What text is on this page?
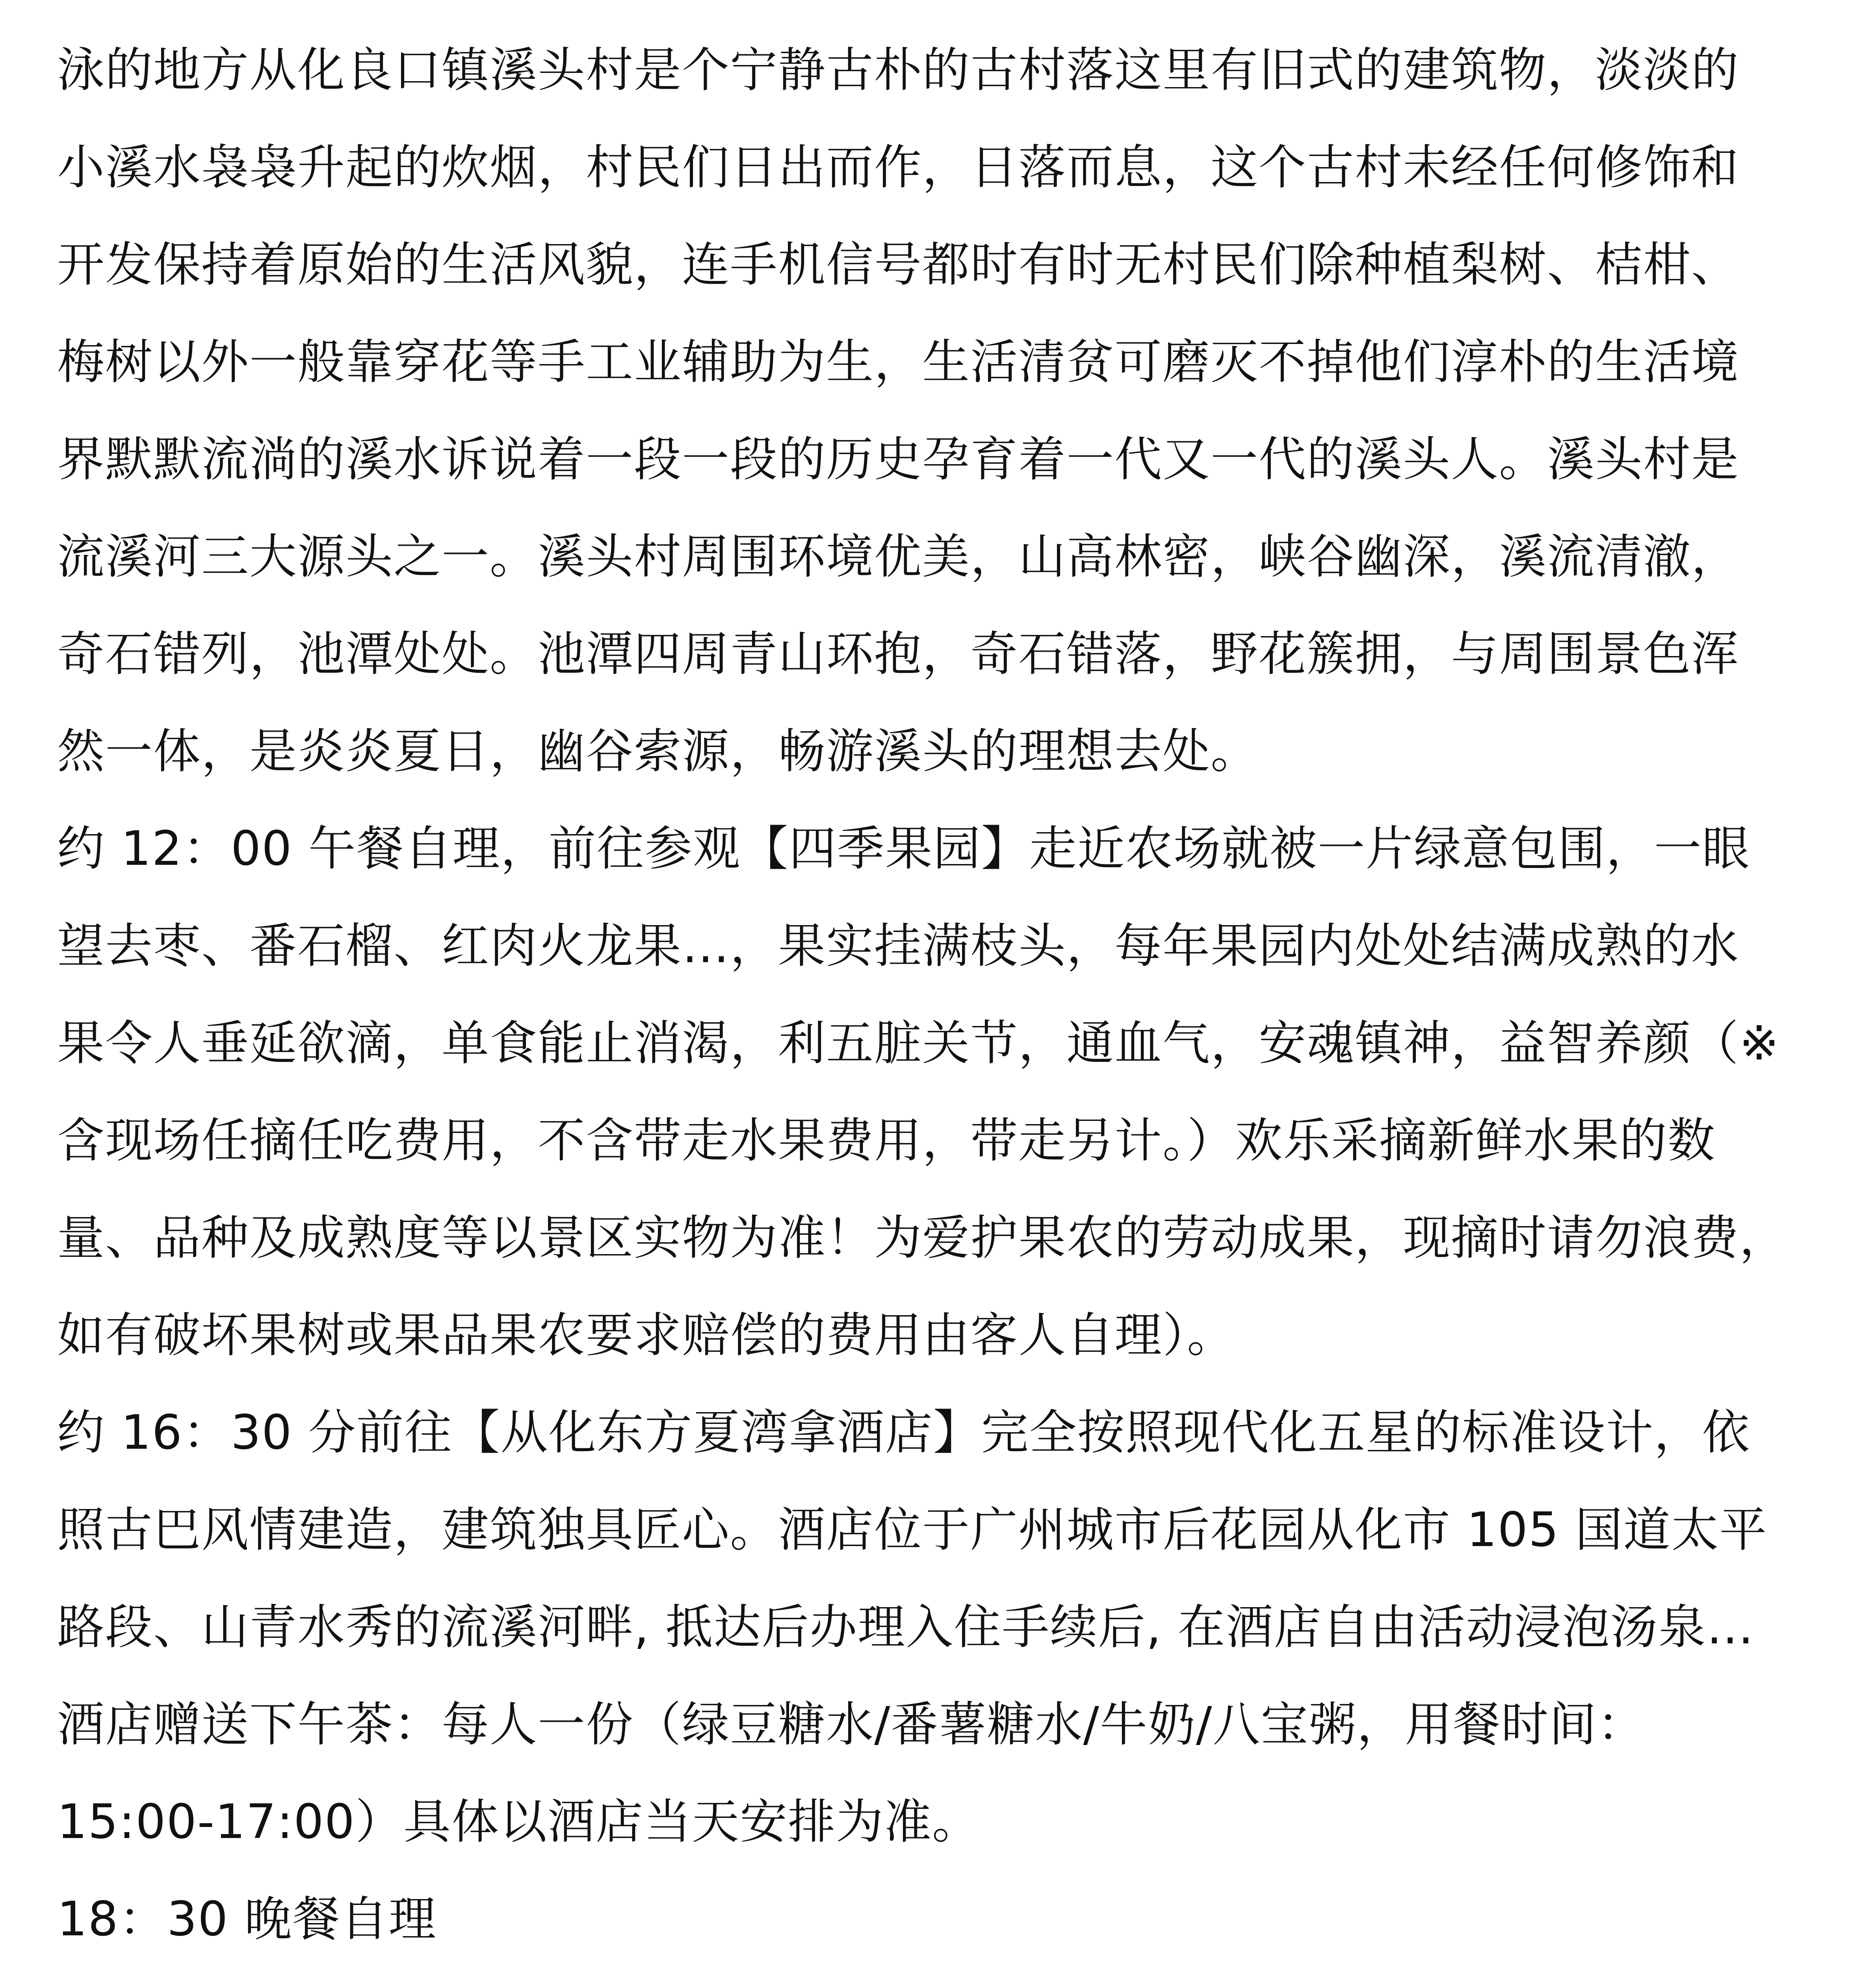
泳的地方从化良口镇溪头村是个宁静古朴的古村落这里有旧式的建筑物，淡淡的
小溪水袅袅升起的炊烟，村民们日出而作，日落而息，这个古村未经任何修饰和
开发保持着原始的生活风貌，连手机信号都时有时无村民们除种植梨树、桔柑、
梅树以外一般靠穿花等手工业辅助为生，生活清贫可磨灭不掉他们淳朴的生活境
界默默流淌的溪水诉说着一段一段的历史孕育着一代又一代的溪头人。溪头村是
流溪河三大源头之一。溪头村周围环境优美，山高林密，峡谷幽深，溪流清澈，
奇石错列，池潭处处。池潭四周青山环抱，奇石错落，野花簇拥，与周围景色浑
然一体，是炎炎夏日，幽谷索源，畅游溪头的理想去处。

约 12：00 午餐自理，前往参观【四季果园】走近农场就被一片绿意包围，一眼
望去枣、番石榴、红肉火龙果…，果实挂满枝头，每年果园内处处结满成熟的水
果令人垂延欲滴，单食能止消渴，利五脏关节，通血气，安魂镇神，益智养颜（※
含现场任摘任吃费用，不含带走水果费用，带走另计。）欢乐采摘新鲜水果的数
量、品种及成熟度等以景区实物为准！为爱护果农的劳动成果，现摘时请勿浪费，
如有破坏果树或果品果农要求赔偿的费用由客人自理）。

约 16：30 分前往【从化东方夏湾拿酒店】完全按照现代化五星的标准设计，依
照古巴风情建造，建筑独具匠心。酒店位于广州城市后花园从化市 105 国道太平
路段、山青水秀的流溪河畔, 抵达后办理入住手续后, 在酒店自由活动浸泡汤泉…
酒店赠送下午茶：每人一份（绿豆糖水/番薯糖水/牛奶/八宝粥，用餐时间：
15:00-17:00）具体以酒店当天安排为准。

18：30 晚餐自理
